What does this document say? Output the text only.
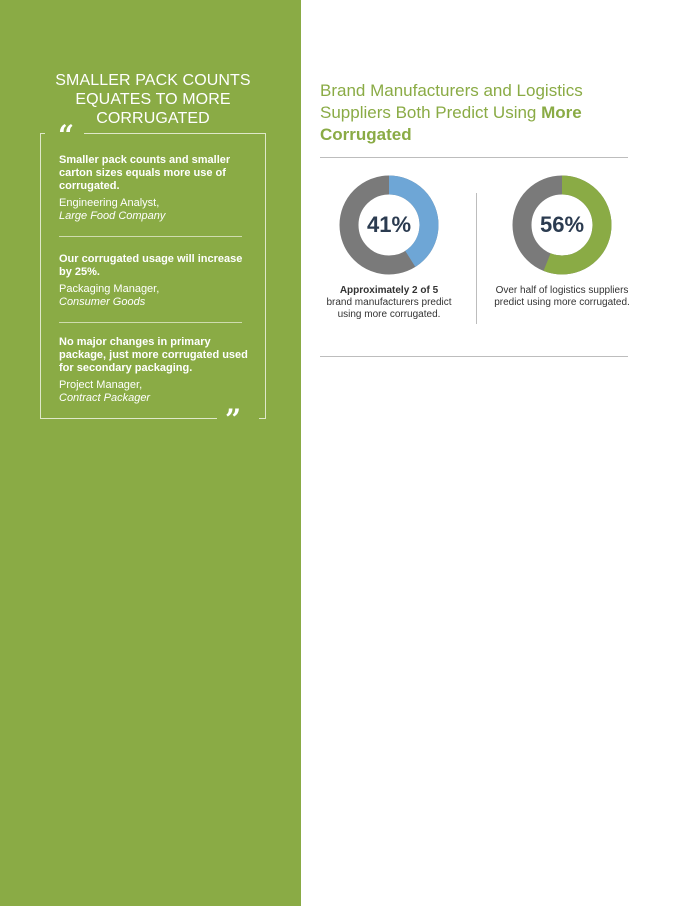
SMALLER PACK COUNTS EQUATES TO MORE CORRUGATED
“
”
Smaller pack counts and smaller carton sizes equals more use of corrugated.
Engineering Analyst,
Large Food Company
Our corrugated usage will increase by 25%.
Packaging Manager,
Consumer Goods
No major changes in primary package, just more corrugated used for secondary packaging.
Project Manager,
Contract Packager
Brand Manufacturers and Logistics Suppliers Both Predict Using More Corrugated
41%	56%
Approximately 2 of 5
brand manufacturers predict using more corrugated.
Over half of logistics suppliers predict using more corrugated.
